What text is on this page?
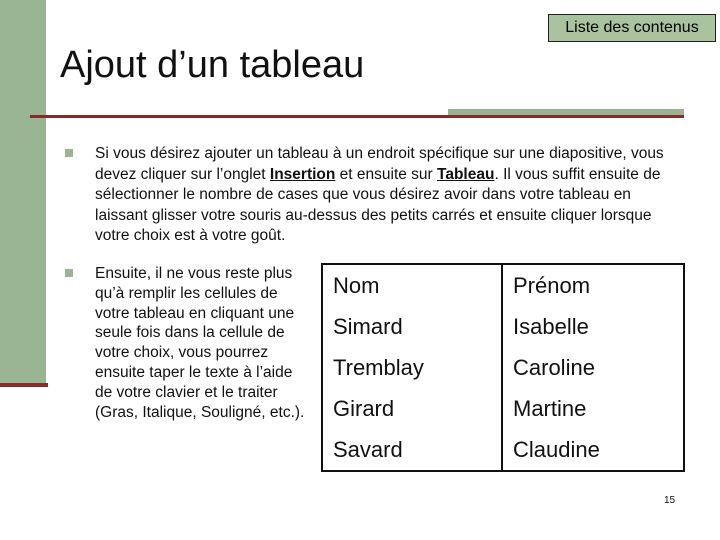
Liste des contenus
Ajout d’un tableau

Si vous désirez ajouter un tableau à un endroit spécifique sur une diapositive, vous devez cliquer sur l’onglet Insertion et ensuite sur Tableau. Il vous suffit ensuite de sélectionner le nombre de cases que vous désirez avoir dans votre tableau en laissant glisser votre souris au-dessus des petits carrés et ensuite cliquer lorsque votre choix est à votre goût.

Ensuite, il ne vous reste plus qu’à remplir les cellules de votre tableau en cliquant une seule fois dans la cellule de votre choix, vous pourrez ensuite taper le texte à l’aide de votre clavier et le traiter (Gras, Italique, Souligné, etc.).

Nom	Prénom
Simard	Isabelle
Tremblay	Caroline
Girard	Martine
Savard	Claudine
15
